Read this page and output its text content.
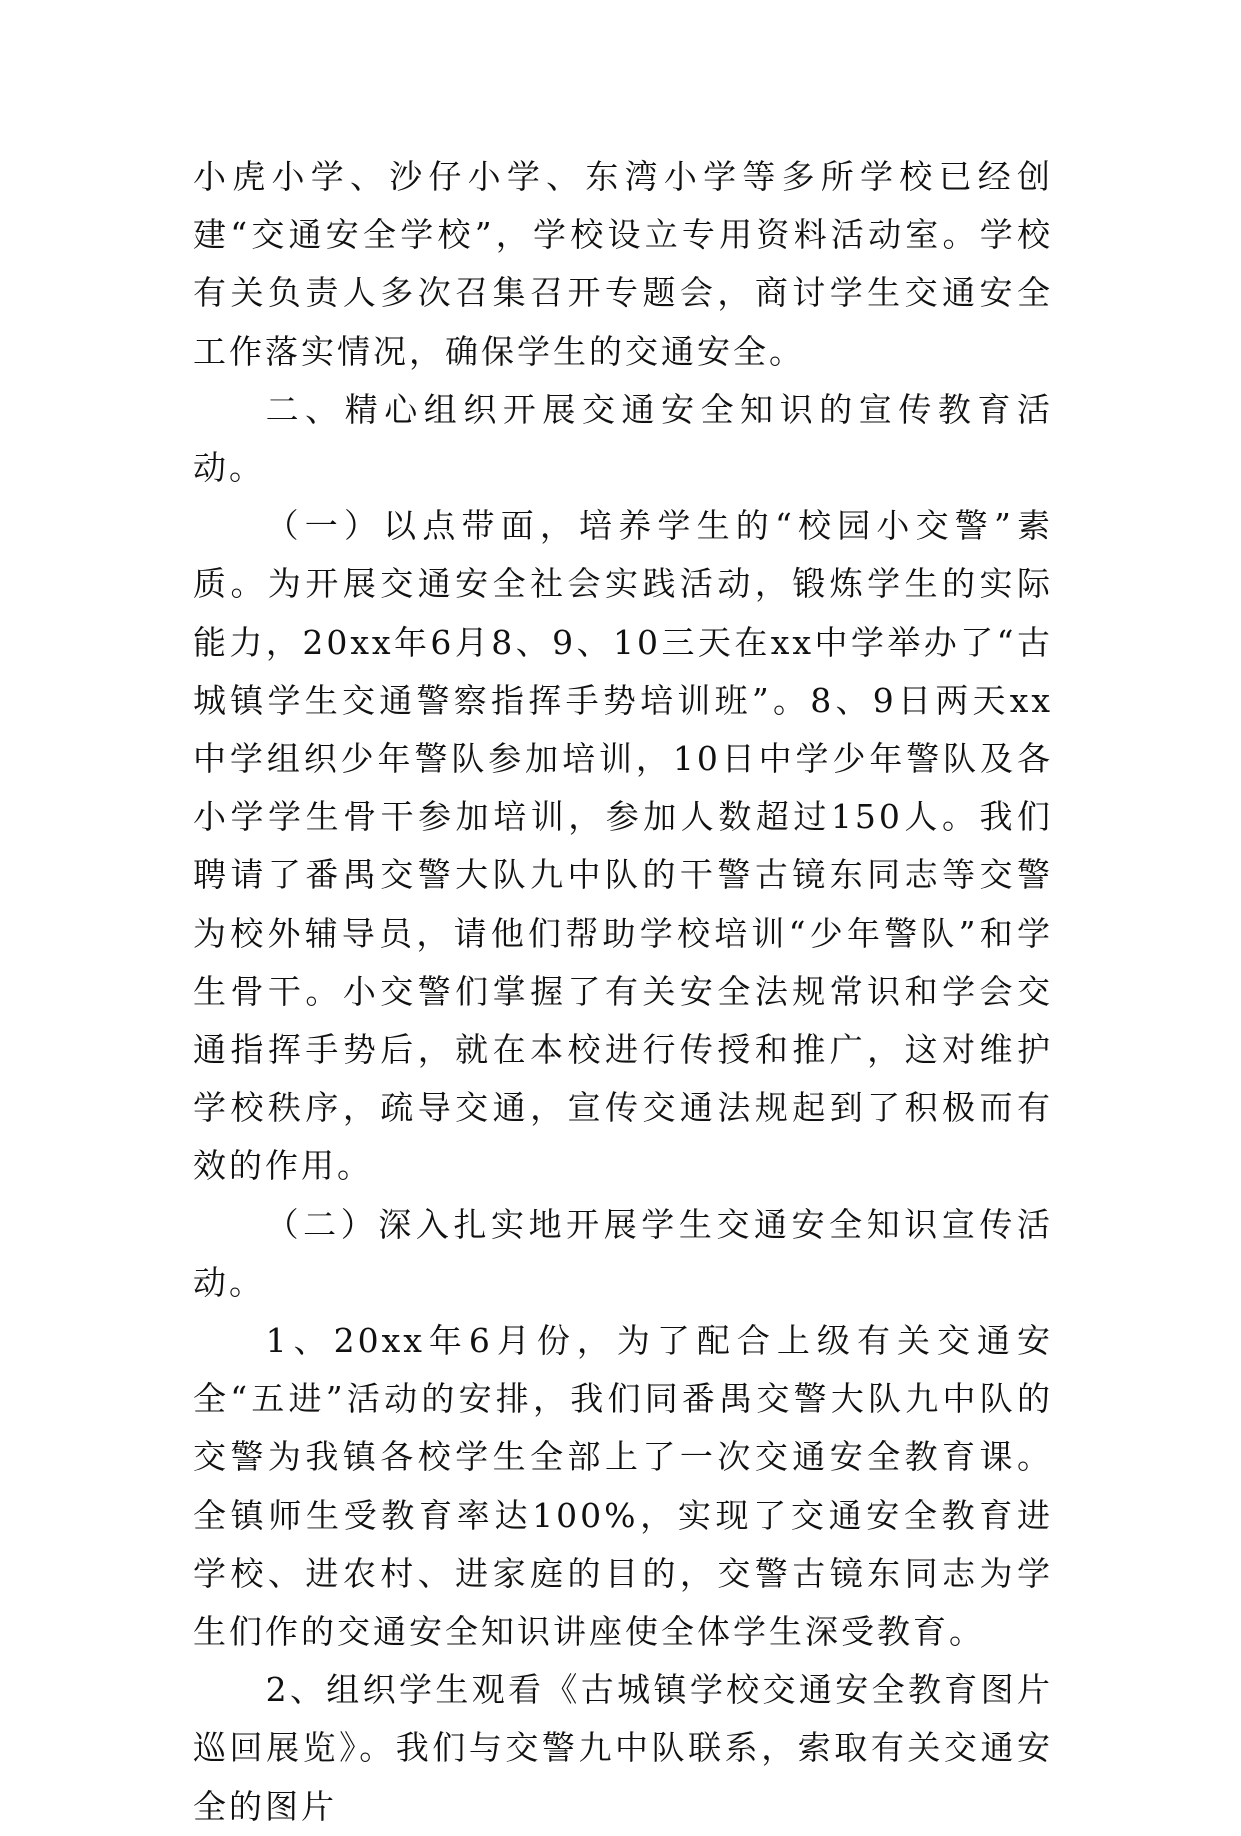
小虎小学、沙仔小学、东湾小学等多所学校已经创建“交通安全学校”，学校设立专用资料活动室。学校有关负责人多次召集召开专题会，商讨学生交通安全工作落实情况，确保学生的交通安全。

二、精心组织开展交通安全知识的宣传教育活动。

（一）以点带面，培养学生的“校园小交警”素质。为开展交通安全社会实践活动，锻炼学生的实际能力，20xx年6月8、9、10三天在xx中学举办了“古城镇学生交通警察指挥手势培训班”。8、9日两天xx中学组织少年警队参加培训，10日中学少年警队及各小学学生骨干参加培训，参加人数超过150人。我们聘请了番禺交警大队九中队的干警古镜东同志等交警为校外辅导员，请他们帮助学校培训“少年警队”和学生骨干。小交警们掌握了有关安全法规常识和学会交通指挥手势后，就在本校进行传授和推广，这对维护学校秩序，疏导交通，宣传交通法规起到了积极而有效的作用。

（二）深入扎实地开展学生交通安全知识宣传活动。

1、20xx年6月份，为了配合上级有关交通安全“五进”活动的安排，我们同番禺交警大队九中队的交警为我镇各校学生全部上了一次交通安全教育课。全镇师生受教育率达100%，实现了交通安全教育进学校、进农村、进家庭的目的，交警古镜东同志为学生们作的交通安全知识讲座使全体学生深受教育。

2、组织学生观看《古城镇学校交通安全教育图片巡回展览》。我们与交警九中队联系，索取有关交通安全的图片
